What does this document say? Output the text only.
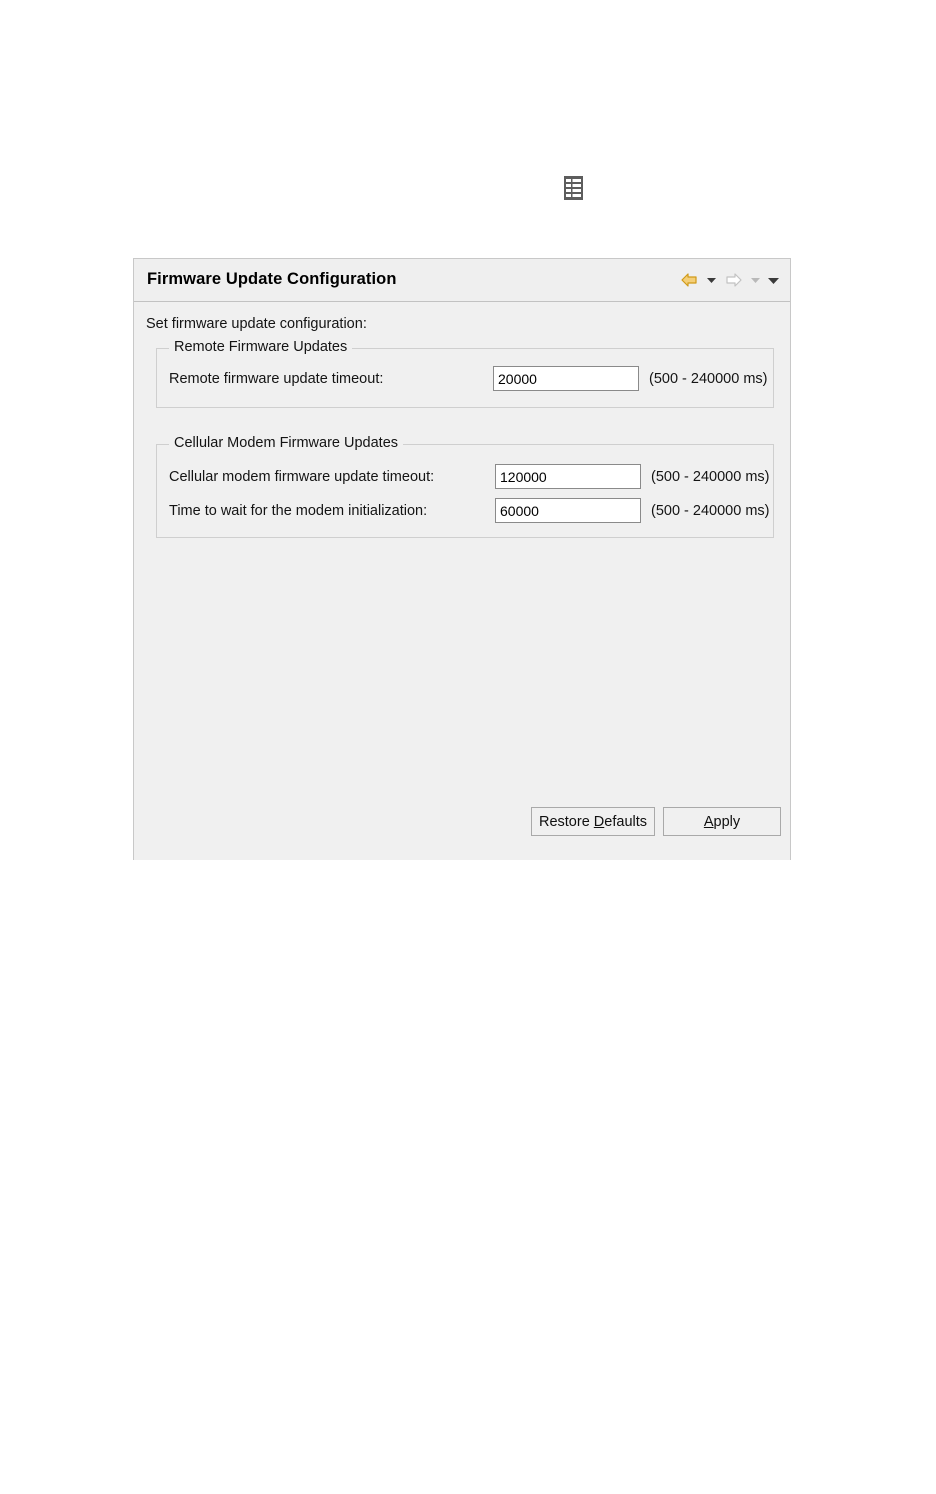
Firmware Update Configuration
Set firmware update configuration:
Remote Firmware Updates
Remote firmware update timeout:
20000	(500 - 240000 ms)
Cellular Modem Firmware Updates
Cellular modem firmware update timeout:
120000	(500 - 240000 ms)
Time to wait for the modem initialization:
60000	(500 - 240000 ms)
Restore Defaults	Apply
